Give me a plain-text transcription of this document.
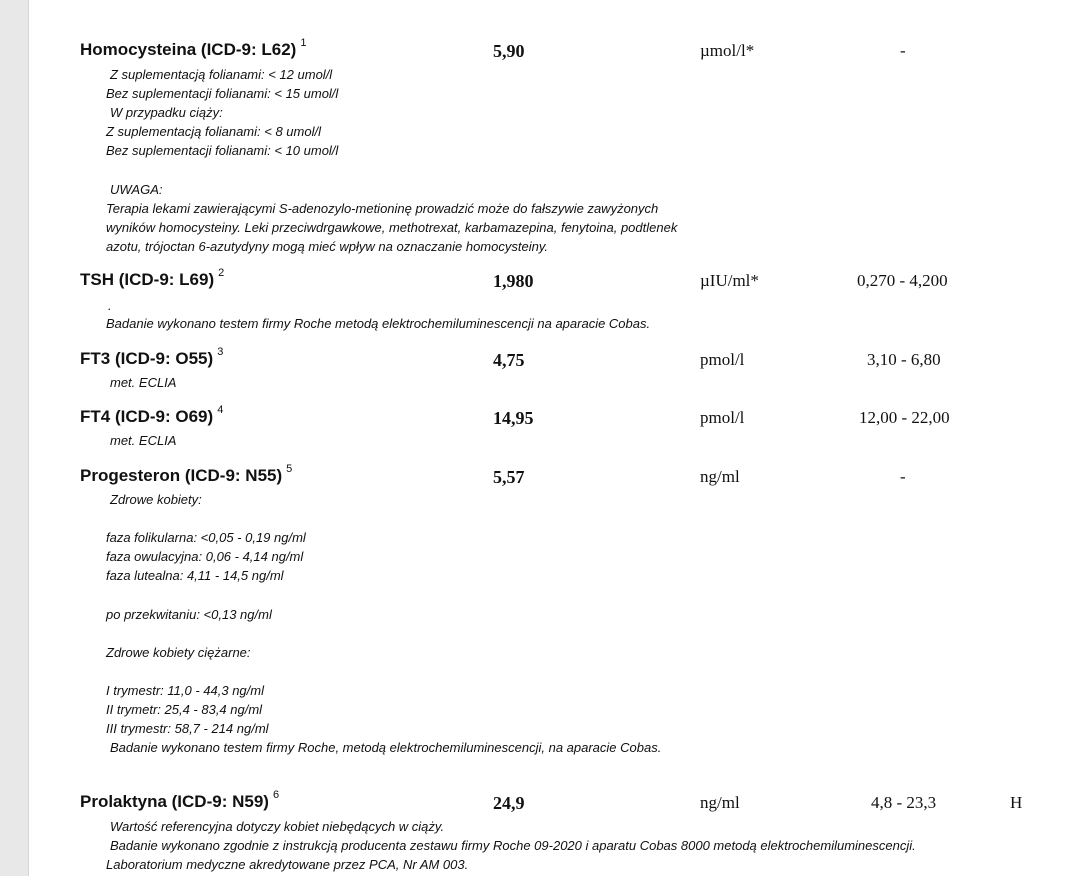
Homocysteina (ICD-9: L62) $^1$	5,90	µmol/l*	-
TSH (ICD-9: L69) $^2$	1,980	µIU/ml*	0,270 - 4,200
FT3 (ICD-9: O55) $^3$	4,75	pmol/l	3,10 - 6,80
FT4 (ICD-9: O69) $^4$	14,95	pmol/l	12,00 - 22,00
Progesteron (ICD-9: N55) $^5$	5,57	ng/ml	-
Prolaktyna (ICD-9: N59) $^6$	24,9	ng/ml	4,8 - 23,3	H
Z suplementacją folianami: < 12 umol/l
Bez suplementacji folianami: < 15 umol/l
W przypadku ciąży:
Z suplementacją folianami: < 8 umol/l
Bez suplementacji folianami: < 10 umol/l
UWAGA:
Terapia lekami zawierającymi S-adenozylo-metioninę prowadzić może do fałszywie zawyżonych
wyników homocysteiny. Leki przeciwdrgawkowe, methotrexat, karbamazepina, fenytoina, podtlenek
azotu, trójoctan 6-azutydyny mogą mieć wpływ na oznaczanie homocysteiny.
.
Badanie wykonano testem firmy Roche metodą elektrochemiluminescencji na aparacie Cobas.
met. ECLIA
met. ECLIA
Zdrowe kobiety:
faza folikularna: <0,05 - 0,19 ng/ml
faza owulacyjna: 0,06 - 4,14 ng/ml
faza lutealna: 4,11 - 14,5 ng/ml
po przekwitaniu: <0,13 ng/ml
Zdrowe kobiety ciężarne:
I trymestr: 11,0 - 44,3 ng/ml
II trymetr: 25,4 - 83,4 ng/ml
III trymestr: 58,7 - 214 ng/ml
Badanie wykonano testem firmy Roche, metodą elektrochemiluminescencji, na aparacie Cobas.
Wartość referencyjna dotyczy kobiet niebędących w ciąży.
Badanie wykonano zgodnie z instrukcją producenta zestawu firmy Roche 09-2020 i aparatu Cobas 8000 metodą elektrochemiluminescencji.
Laboratorium medyczne akredytowane przez PCA, Nr AM 003.
